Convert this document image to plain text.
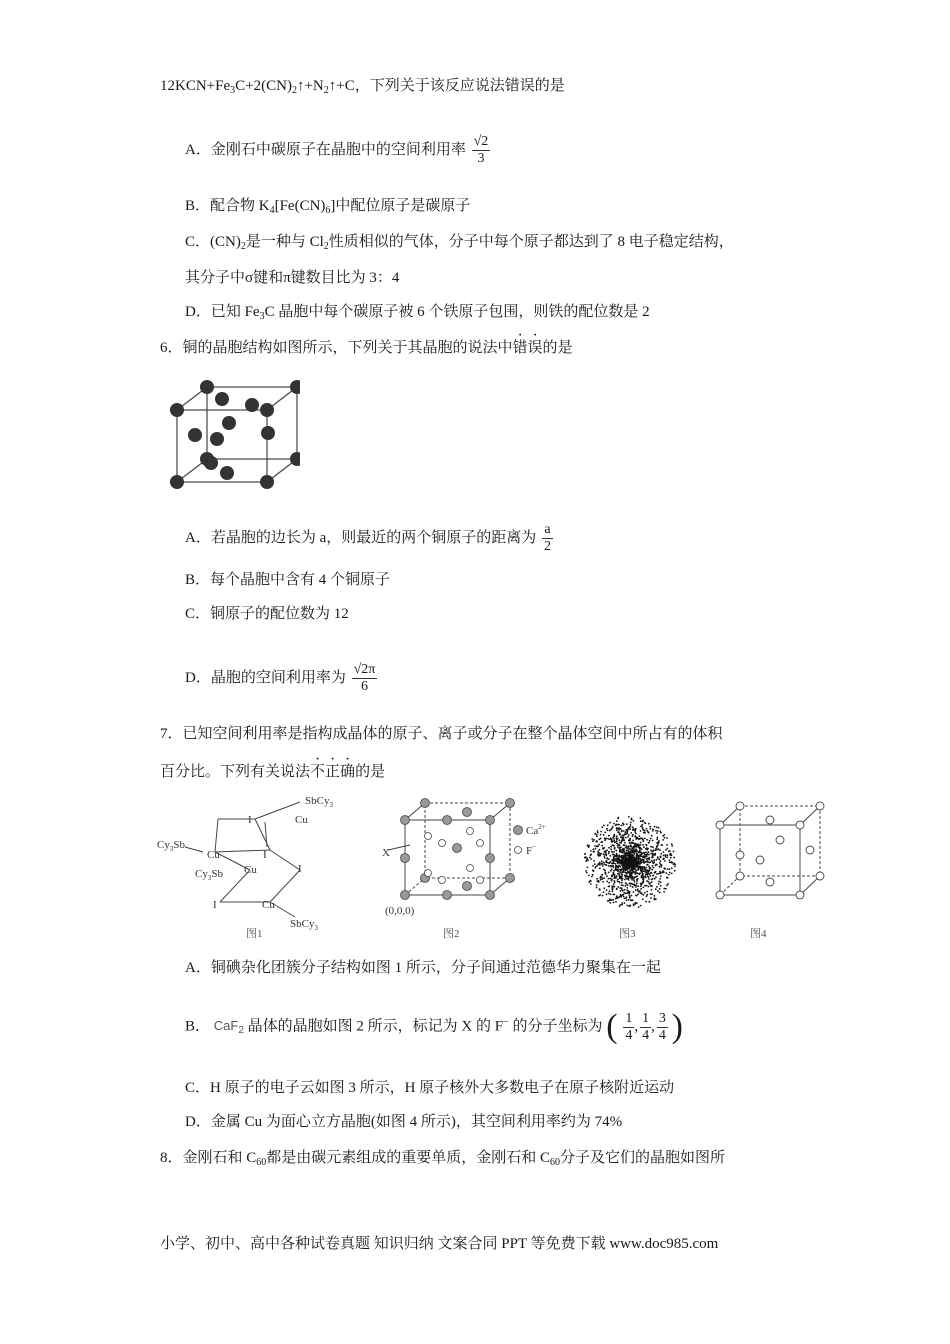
$12KCN+Fe_3C+2(CN)_2↑+N_2↑+C$，下列关于该反应说法错误的是
A．金刚石中碳原子在晶胞中的空间利用率 $\frac{√2}{3}$
B．配合物 $K_4[Fe(CN)_6]$中配位原子是碳原子
C．$(CN)_2$是一种与 $Cl_2$性质相似的气体，分子中每个原子都达到了 8 电子稳定结构，
其分子中σ键和π键数目比为 3：4
D．已知 $Fe_3C$ 晶胞中每个碳原子被 6 个铁原子包围，则铁的配位数是 2
6．铜的晶胞结构如图所示，下列关于其晶胞的说法中错误的是
A．若晶胞的边长为 a，则最近的两个铜原子的距离为 $\frac{a}{2}$
B．每个晶胞中含有 4 个铜原子
C．铜原子的配位数为 12
D．晶胞的空间利用率为 $\frac{√2\pi}{6}$
7．已知空间利用率是指构成晶体的原子、离子或分子在整个晶体空间中所占有的体积
百分比。下列有关说法不正确的是
SbCy$_3$
I	Cu
$Cy_3Sb$
Cu	I
Cu
$Cy_3Sb$	I
I	Cu
SbCy$_3$
图1
$Ca^{2+}$
F−
X
(0,0,0)
图2	图3	图4
A．铜碘杂化团簇分子结构如图 1 所示，分子间通过范德华力聚集在一起
B． CaF$_2$ 晶体的晶胞如图 2 所示，标记为 X 的 F− 的分子坐标为 ( $\frac{1}{4}$ , $\frac{1}{4}$ , $\frac{3}{4}$ )
C．H 原子的电子云如图 3 所示，H 原子核外大多数电子在原子核附近运动
D．金属 Cu 为面心立方晶胞(如图 4 所示)，其空间利用率约为 74%
8．金刚石和 $C_{60}$都是由碳元素组成的重要单质，金刚石和 $C_{60}$分子及它们的晶胞如图所
小学、初中、高中各种试卷真题 知识归纳 文案合同 PPT 等免费下载 www.doc985.com
